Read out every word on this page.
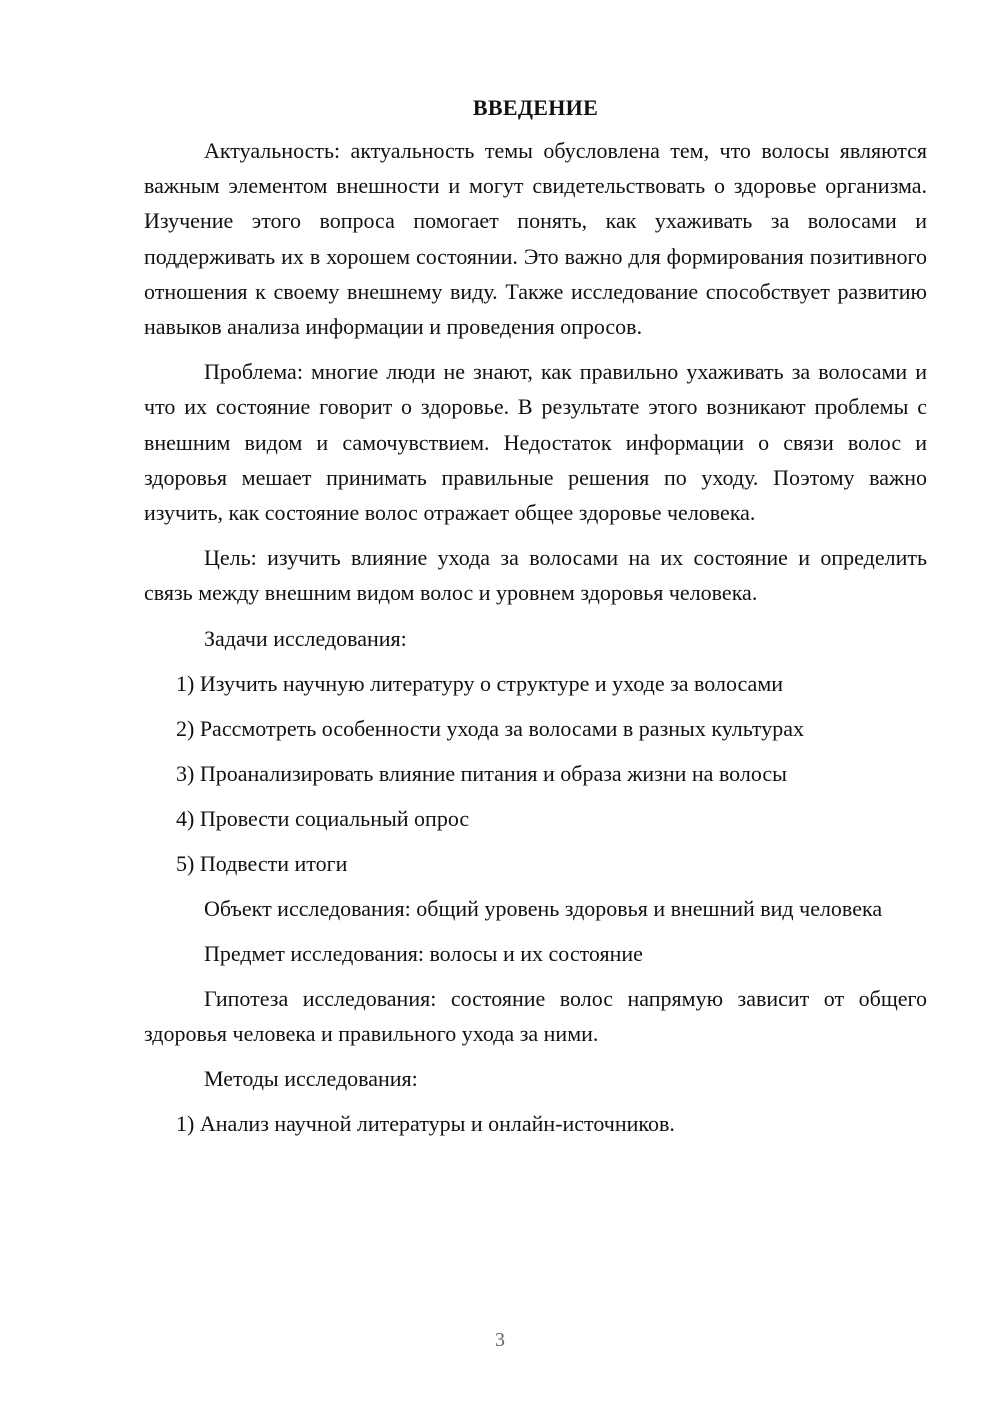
ВВЕДЕНИЕ

Актуальность: актуальность темы обусловлена тем, что волосы являются важным элементом внешности и могут свидетельствовать о здоровье организма. Изучение этого вопроса помогает понять, как ухаживать за волосами и поддерживать их в хорошем состоянии. Это важно для формирования позитивного отношения к своему внешнему виду. Также исследование способствует развитию навыков анализа информации и проведения опросов.

Проблема: многие люди не знают, как правильно ухаживать за волосами и что их состояние говорит о здоровье. В результате этого возникают проблемы с внешним видом и самочувствием. Недостаток информации о связи волос и здоровья мешает принимать правильные решения по уходу. Поэтому важно изучить, как состояние волос отражает общее здоровье человека.

Цель: изучить влияние ухода за волосами на их состояние и определить связь между внешним видом волос и уровнем здоровья человека.

Задачи исследования:
1) Изучить научную литературу о структуре и уходе за волосами
2) Рассмотреть особенности ухода за волосами в разных культурах
3) Проанализировать влияние питания и образа жизни на волосы
4) Провести социальный опрос
5) Подвести итоги

Объект исследования: общий уровень здоровья и внешний вид человека

Предмет исследования: волосы и их состояние

Гипотеза исследования: состояние волос напрямую зависит от общего здоровья человека и правильного ухода за ними.

Методы исследования:
1) Анализ научной литературы и онлайн-источников.
3
